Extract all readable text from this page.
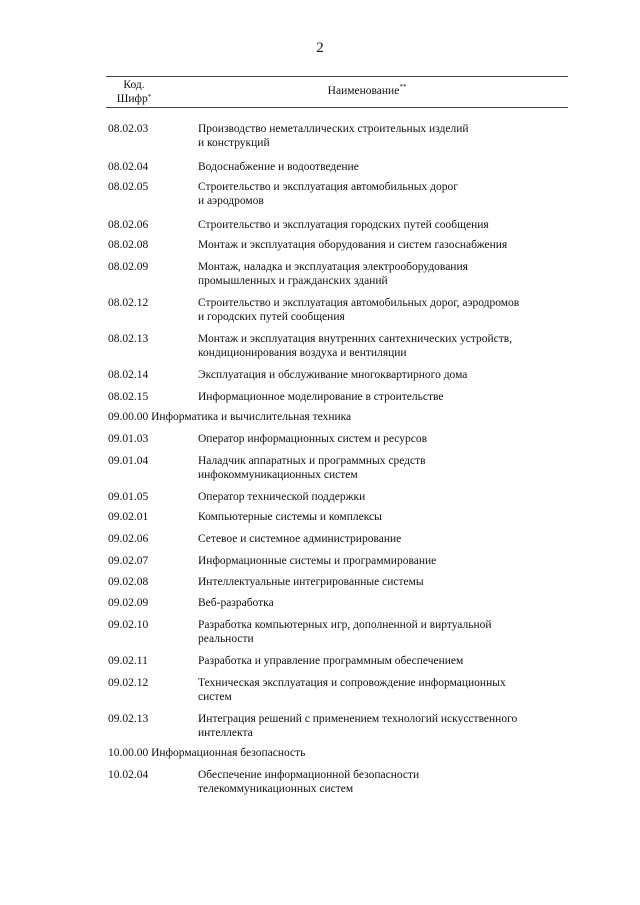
2
Код.
Шифр*	Наименование**
08.02.03	Производство неметаллических строительных изделий
и конструкций
08.02.04	Водоснабжение и водоотведение
08.02.05	Строительство и эксплуатация автомобильных дорог
и аэродромов
08.02.06	Строительство и эксплуатация городских путей сообщения
08.02.08	Монтаж и эксплуатация оборудования и систем газоснабжения
08.02.09	Монтаж, наладка и эксплуатация электрооборудования
промышленных и гражданских зданий
08.02.12	Строительство и эксплуатация автомобильных дорог, аэродромов
и городских путей сообщения
08.02.13	Монтаж и эксплуатация внутренних сантехнических устройств,
кондиционирования воздуха и вентиляции
08.02.14	Эксплуатация и обслуживание многоквартирного дома
08.02.15	Информационное моделирование в строительстве
09.00.00 Информатика и вычислительная техника
09.01.03	Оператор информационных систем и ресурсов
09.01.04	Наладчик аппаратных и программных средств
инфокоммуникационных систем
09.01.05	Оператор технической поддержки
09.02.01	Компьютерные системы и комплексы
09.02.06	Сетевое и системное администрирование
09.02.07	Информационные системы и программирование
09.02.08	Интеллектуальные интегрированные системы
09.02.09	Веб-разработка
09.02.10	Разработка компьютерных игр, дополненной и виртуальной
реальности
09.02.11	Разработка и управление программным обеспечением
09.02.12	Техническая эксплуатация и сопровождение информационных
систем
09.02.13	Интеграция решений с применением технологий искусственного
интеллекта
10.00.00 Информационная безопасность
10.02.04	Обеспечение информационной безопасности
телекоммуникационных систем
